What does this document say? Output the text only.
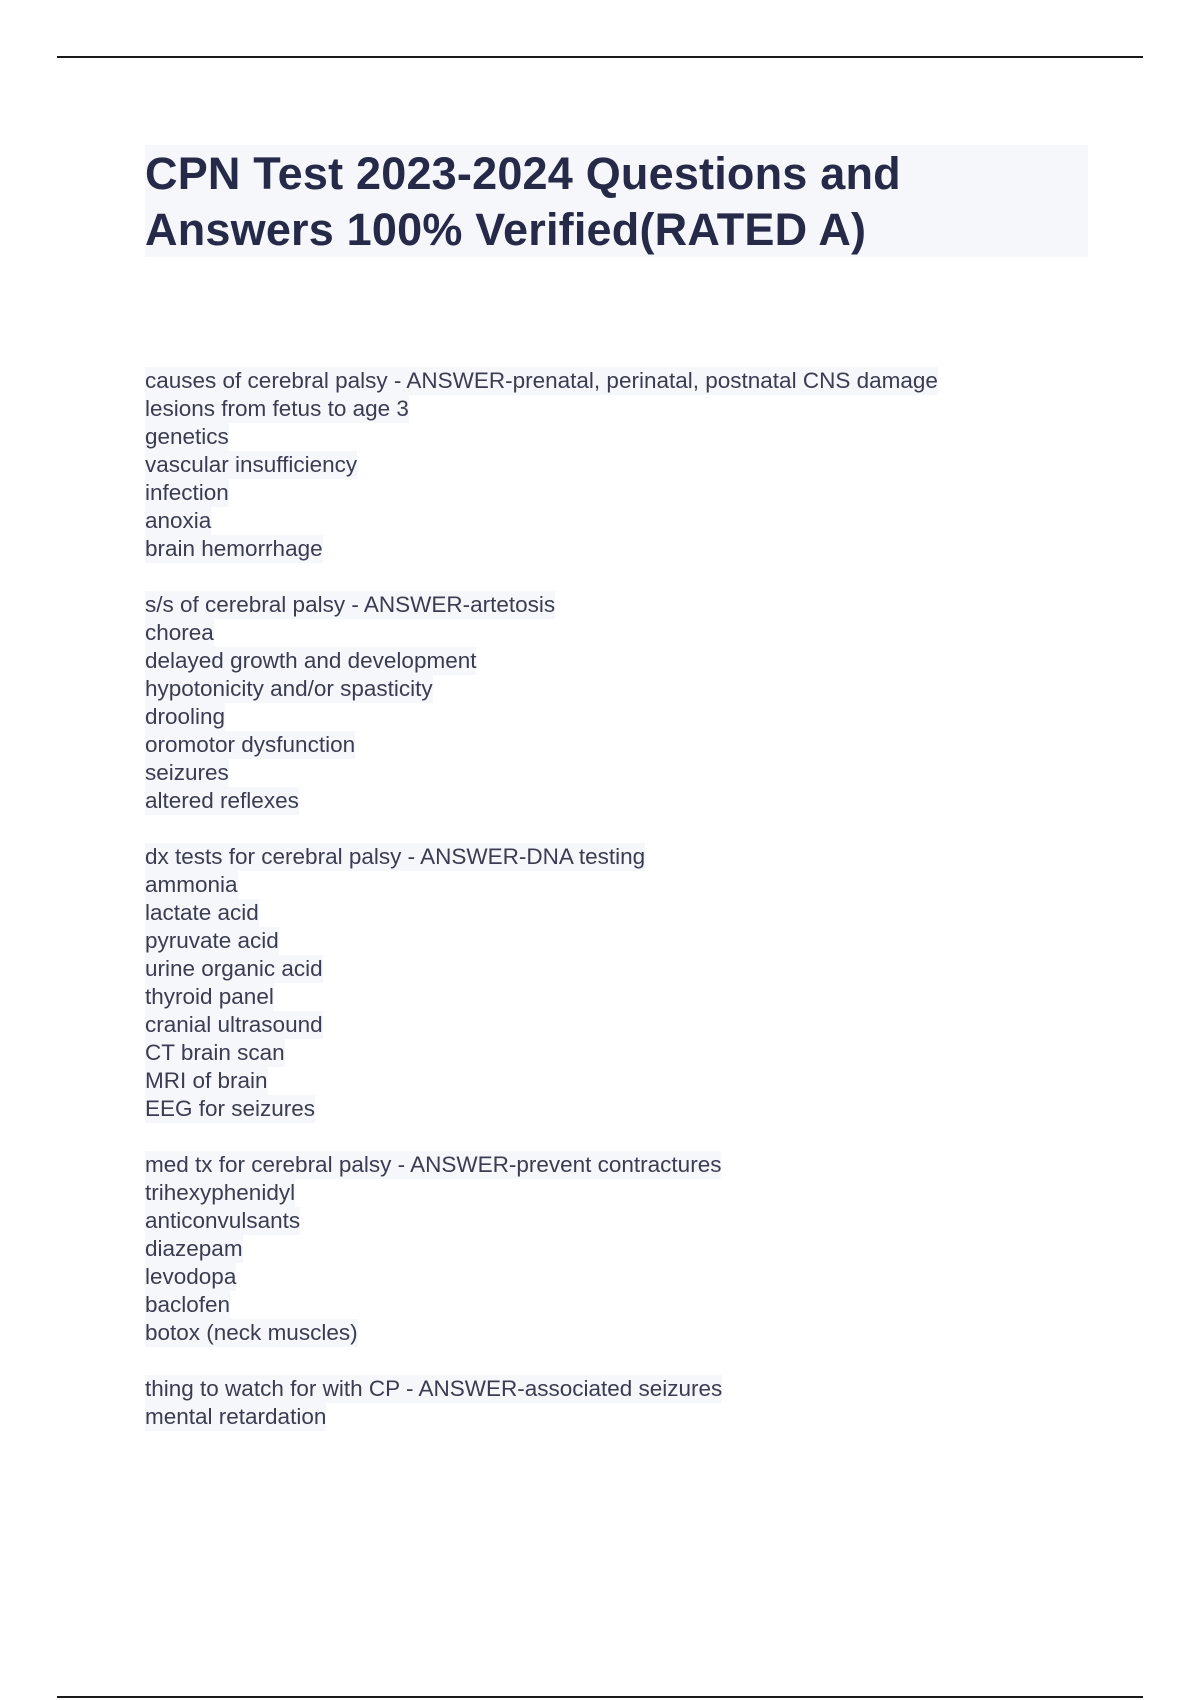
CPN Test 2023-2024 Questions and
Answers 100% Verified(RATED A)
causes of cerebral palsy - ANSWER-prenatal, perinatal, postnatal CNS damage
lesions from fetus to age 3
genetics
vascular insufficiency
infection
anoxia
brain hemorrhage
s/s of cerebral palsy - ANSWER-artetosis
chorea
delayed growth and development
hypotonicity and/or spasticity
drooling
oromotor dysfunction
seizures
altered reflexes
dx tests for cerebral palsy - ANSWER-DNA testing
ammonia
lactate acid
pyruvate acid
urine organic acid
thyroid panel
cranial ultrasound
CT brain scan
MRI of brain
EEG for seizures
med tx for cerebral palsy - ANSWER-prevent contractures
trihexyphenidyl
anticonvulsants
diazepam
levodopa
baclofen
botox (neck muscles)
thing to watch for with CP - ANSWER-associated seizures
mental retardation
